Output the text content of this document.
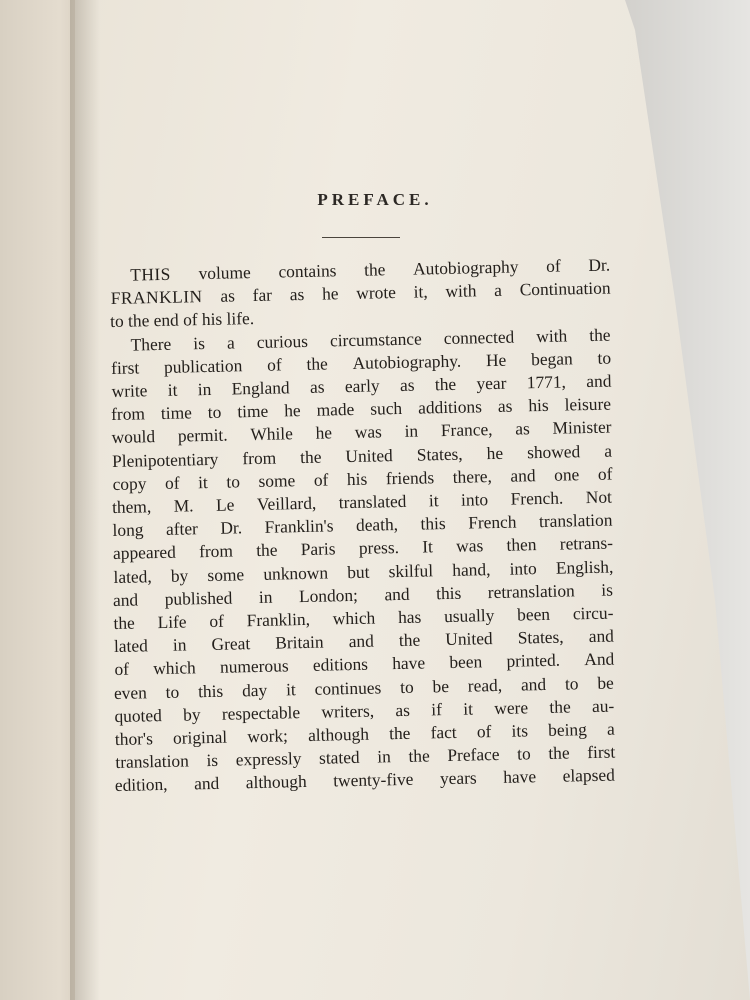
PREFACE.
THIS volume contains the Autobiography of Dr.
FRANKLIN as far as he wrote it, with a Continuation
to the end of his life.
There is a curious circumstance connected with the
first publication of the Autobiography. He began to
write it in England as early as the year 1771, and
from time to time he made such additions as his leisure
would permit. While he was in France, as Minister
Plenipotentiary from the United States, he showed a
copy of it to some of his friends there, and one of
them, M. Le Veillard, translated it into French. Not
long after Dr. Franklin's death, this French translation
appeared from the Paris press. It was then retrans-
lated, by some unknown but skilful hand, into English,
and published in London; and this retranslation is
the Life of Franklin, which has usually been circu-
lated in Great Britain and the United States, and
of which numerous editions have been printed. And
even to this day it continues to be read, and to be
quoted by respectable writers, as if it were the au-
thor's original work; although the fact of its being a
translation is expressly stated in the Preface to the first
edition, and although twenty-five years have elapsed
